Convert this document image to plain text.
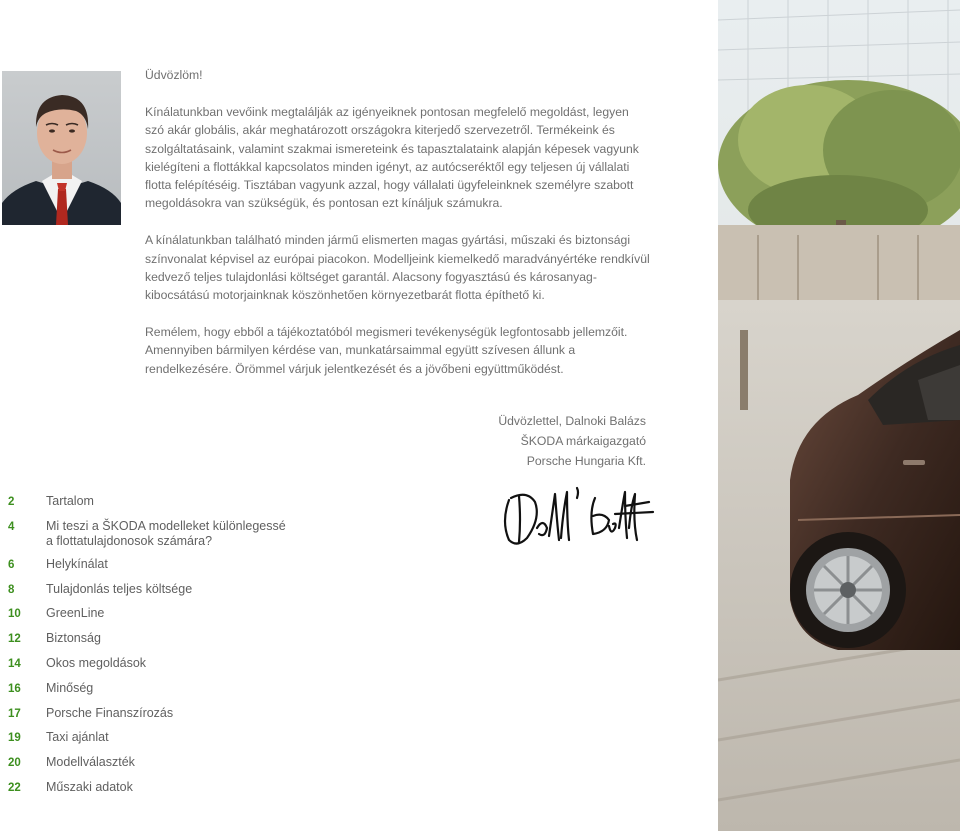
Üdvözlöm!

Kínálatunkban vevőink megtalálják az igényeiknek pontosan megfelelő megoldást, legyen szó akár globális, akár meghatározott országokra kiterjedő szervezetről. Termékeink és szolgáltatásaink, valamint szakmai ismereteink és tapasztalataink alapján képesek vagyunk kielégíteni a flottákkal kapcsolatos minden igényt, az autócseréktől egy teljesen új vállalati flotta felépítéséig. Tisztában vagyunk azzal, hogy vállalati ügyfeleinknek személyre szabott megoldásokra van szükségük, és pontosan ezt kínáljuk számukra.

A kínálatunkban található minden jármű elismerten magas gyártási, műszaki és biztonsági színvonalat képvisel az európai piacokon. Modelljeink kiemelkedő maradványértéke rendkívül kedvező teljes tulajdonlási költséget garantál. Alacsony fogyasztású és károsanyag-kibocsátású motorjainknak köszönhetően környezetbarát flotta építhető ki.

Remélem, hogy ebből a tájékoztatóból megismeri tevékenységük legfontosabb jellemzőit. Amennyiben bármilyen kérdése van, munkatársaimmal együtt szívesen állunk a rendelkezésére. Örömmel várjuk jelentkezését és a jövőbeni együttműködést.

Üdvözlettel, Dalnoki Balázs
ŠKODA márkaigazgató
Porsche Hungaria Kft.
2	Tartalom
4	Mi teszi a ŠKODA modelleket különlegessé a flottatulajdonosok számára?
6	Helykínálat
8	Tulajdonlás teljes költsége
10	GreenLine
12	Biztonság
14	Okos megoldások
16	Minőség
17	Porsche Finanszírozás
19	Taxi ajánlat
20	Modellválaszték
22	Műszaki adatok
